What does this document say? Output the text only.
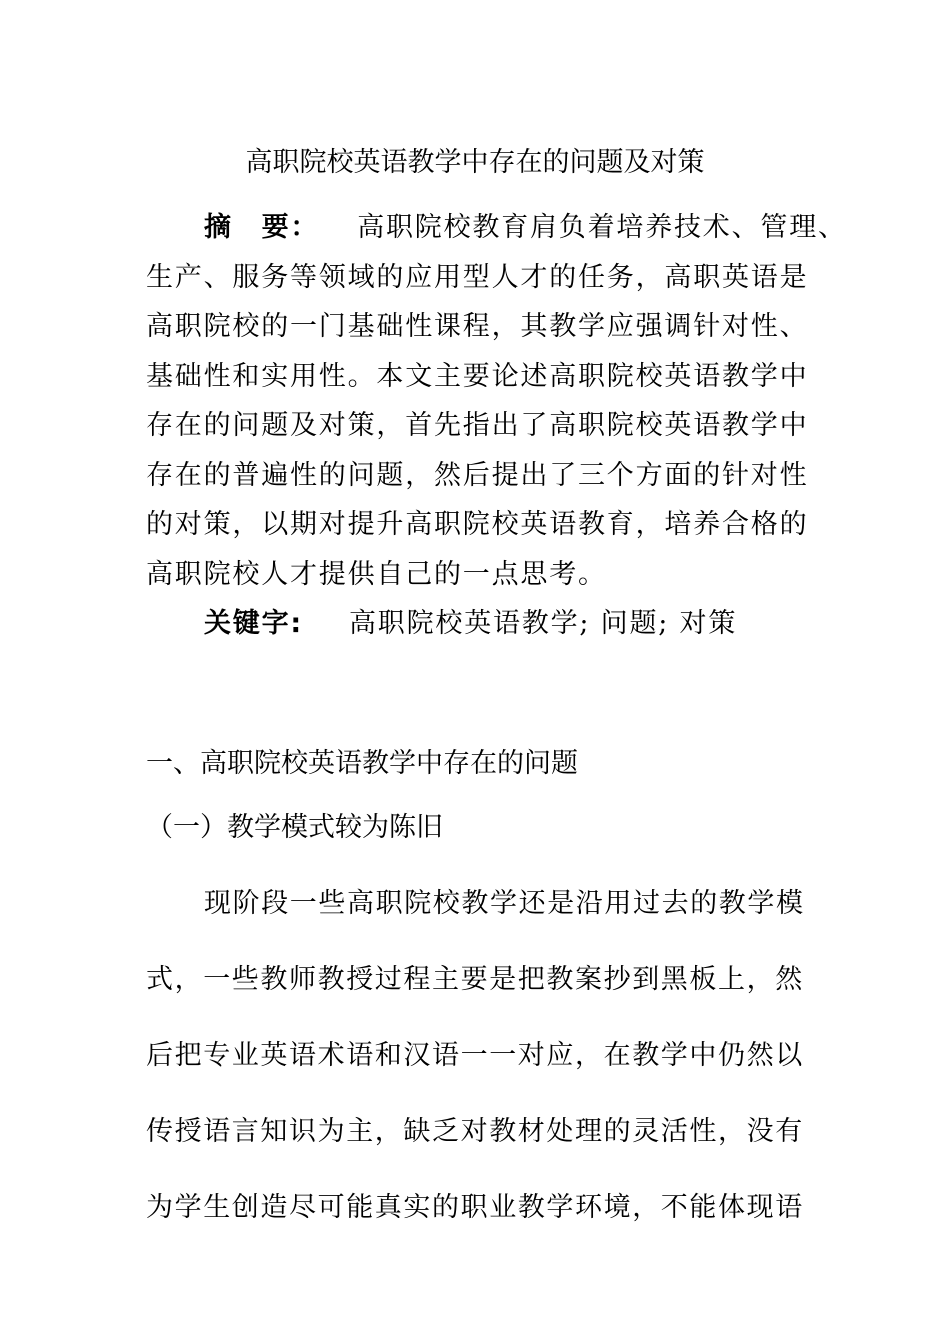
高职院校英语教学中存在的问题及对策
摘　要： 高职院校教育肩负着培养技术、管理、
生产、服务等领域的应用型人才的任务，高职英语是
高职院校的一门基础性课程，其教学应强调针对性、
基础性和实用性。本文主要论述高职院校英语教学中
存在的问题及对策，首先指出了高职院校英语教学中
存在的普遍性的问题，然后提出了三个方面的针对性
的对策，以期对提升高职院校英语教育，培养合格的
高职院校人才提供自己的一点思考。
关键字: 高职院校英语教学; 问题; 对策
一、高职院校英语教学中存在的问题
（一）教学模式较为陈旧
现阶段一些高职院校教学还是沿用过去的教学模
式，一些教师教授过程主要是把教案抄到黑板上，然
后把专业英语术语和汉语一一对应，在教学中仍然以
传授语言知识为主，缺乏对教材处理的灵活性，没有
为学生创造尽可能真实的职业教学环境，不能体现语
